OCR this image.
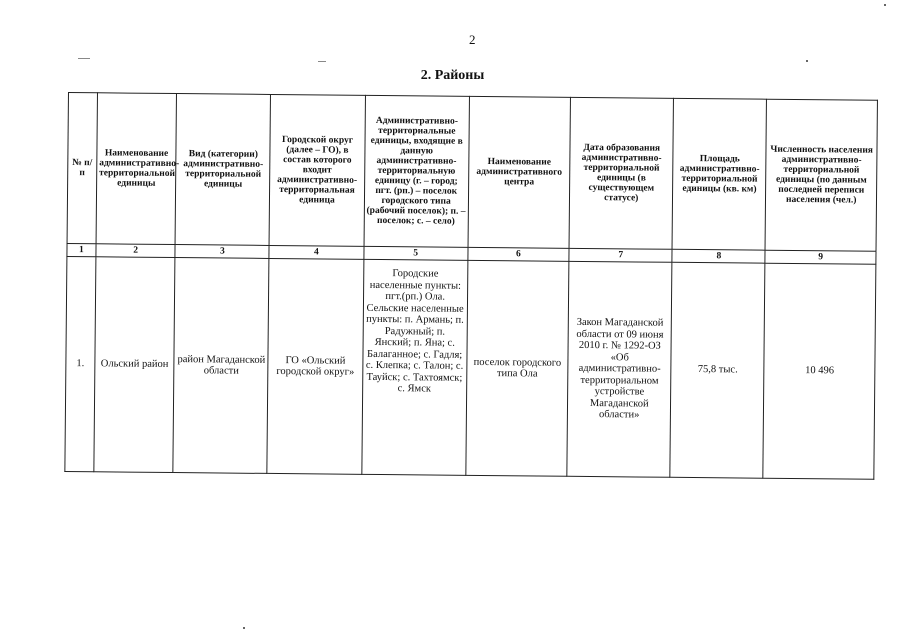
2
2. Районы
№ п/п	Наименование административно-территориальной единицы	Вид (категории) административно-территориальной единицы	Городской округ (далее – ГО), в состав которого входит административно-территориальная единица	Административно-территориальные единицы, входящие в данную административно-территориальную единицу (г. – город; пгт. (рп.) – поселок городского типа (рабочий поселок); п. – поселок; с. – село)	Наименование административного центра	Дата образования административно-территориальной единицы (в существующем статусе)	Площадь административно-территориальной единицы (кв. км)	Численность населения административно-территориальной единицы (по данным последней переписи населения (чел.)
1	2	3	4	5	6	7	8	9
1.	Ольский район	район Магаданской области	ГО «Ольский городской округ»	Городские населенные пункты: пгт.(рп.) Ола. Сельские населенные пункты: п. Армань; п. Радужный; п. Янский; п. Яна; с. Балаганное; с. Гадля; с. Клепка; с. Талон; с. Тауйск; с. Тахтоямск; с. Ямск	поселок городского типа Ола	Закон Магаданской области от 09 июня 2010 г. № 1292-ОЗ «Об административно-территориальном устройстве Магаданской области»	75,8 тыс.	10 496
